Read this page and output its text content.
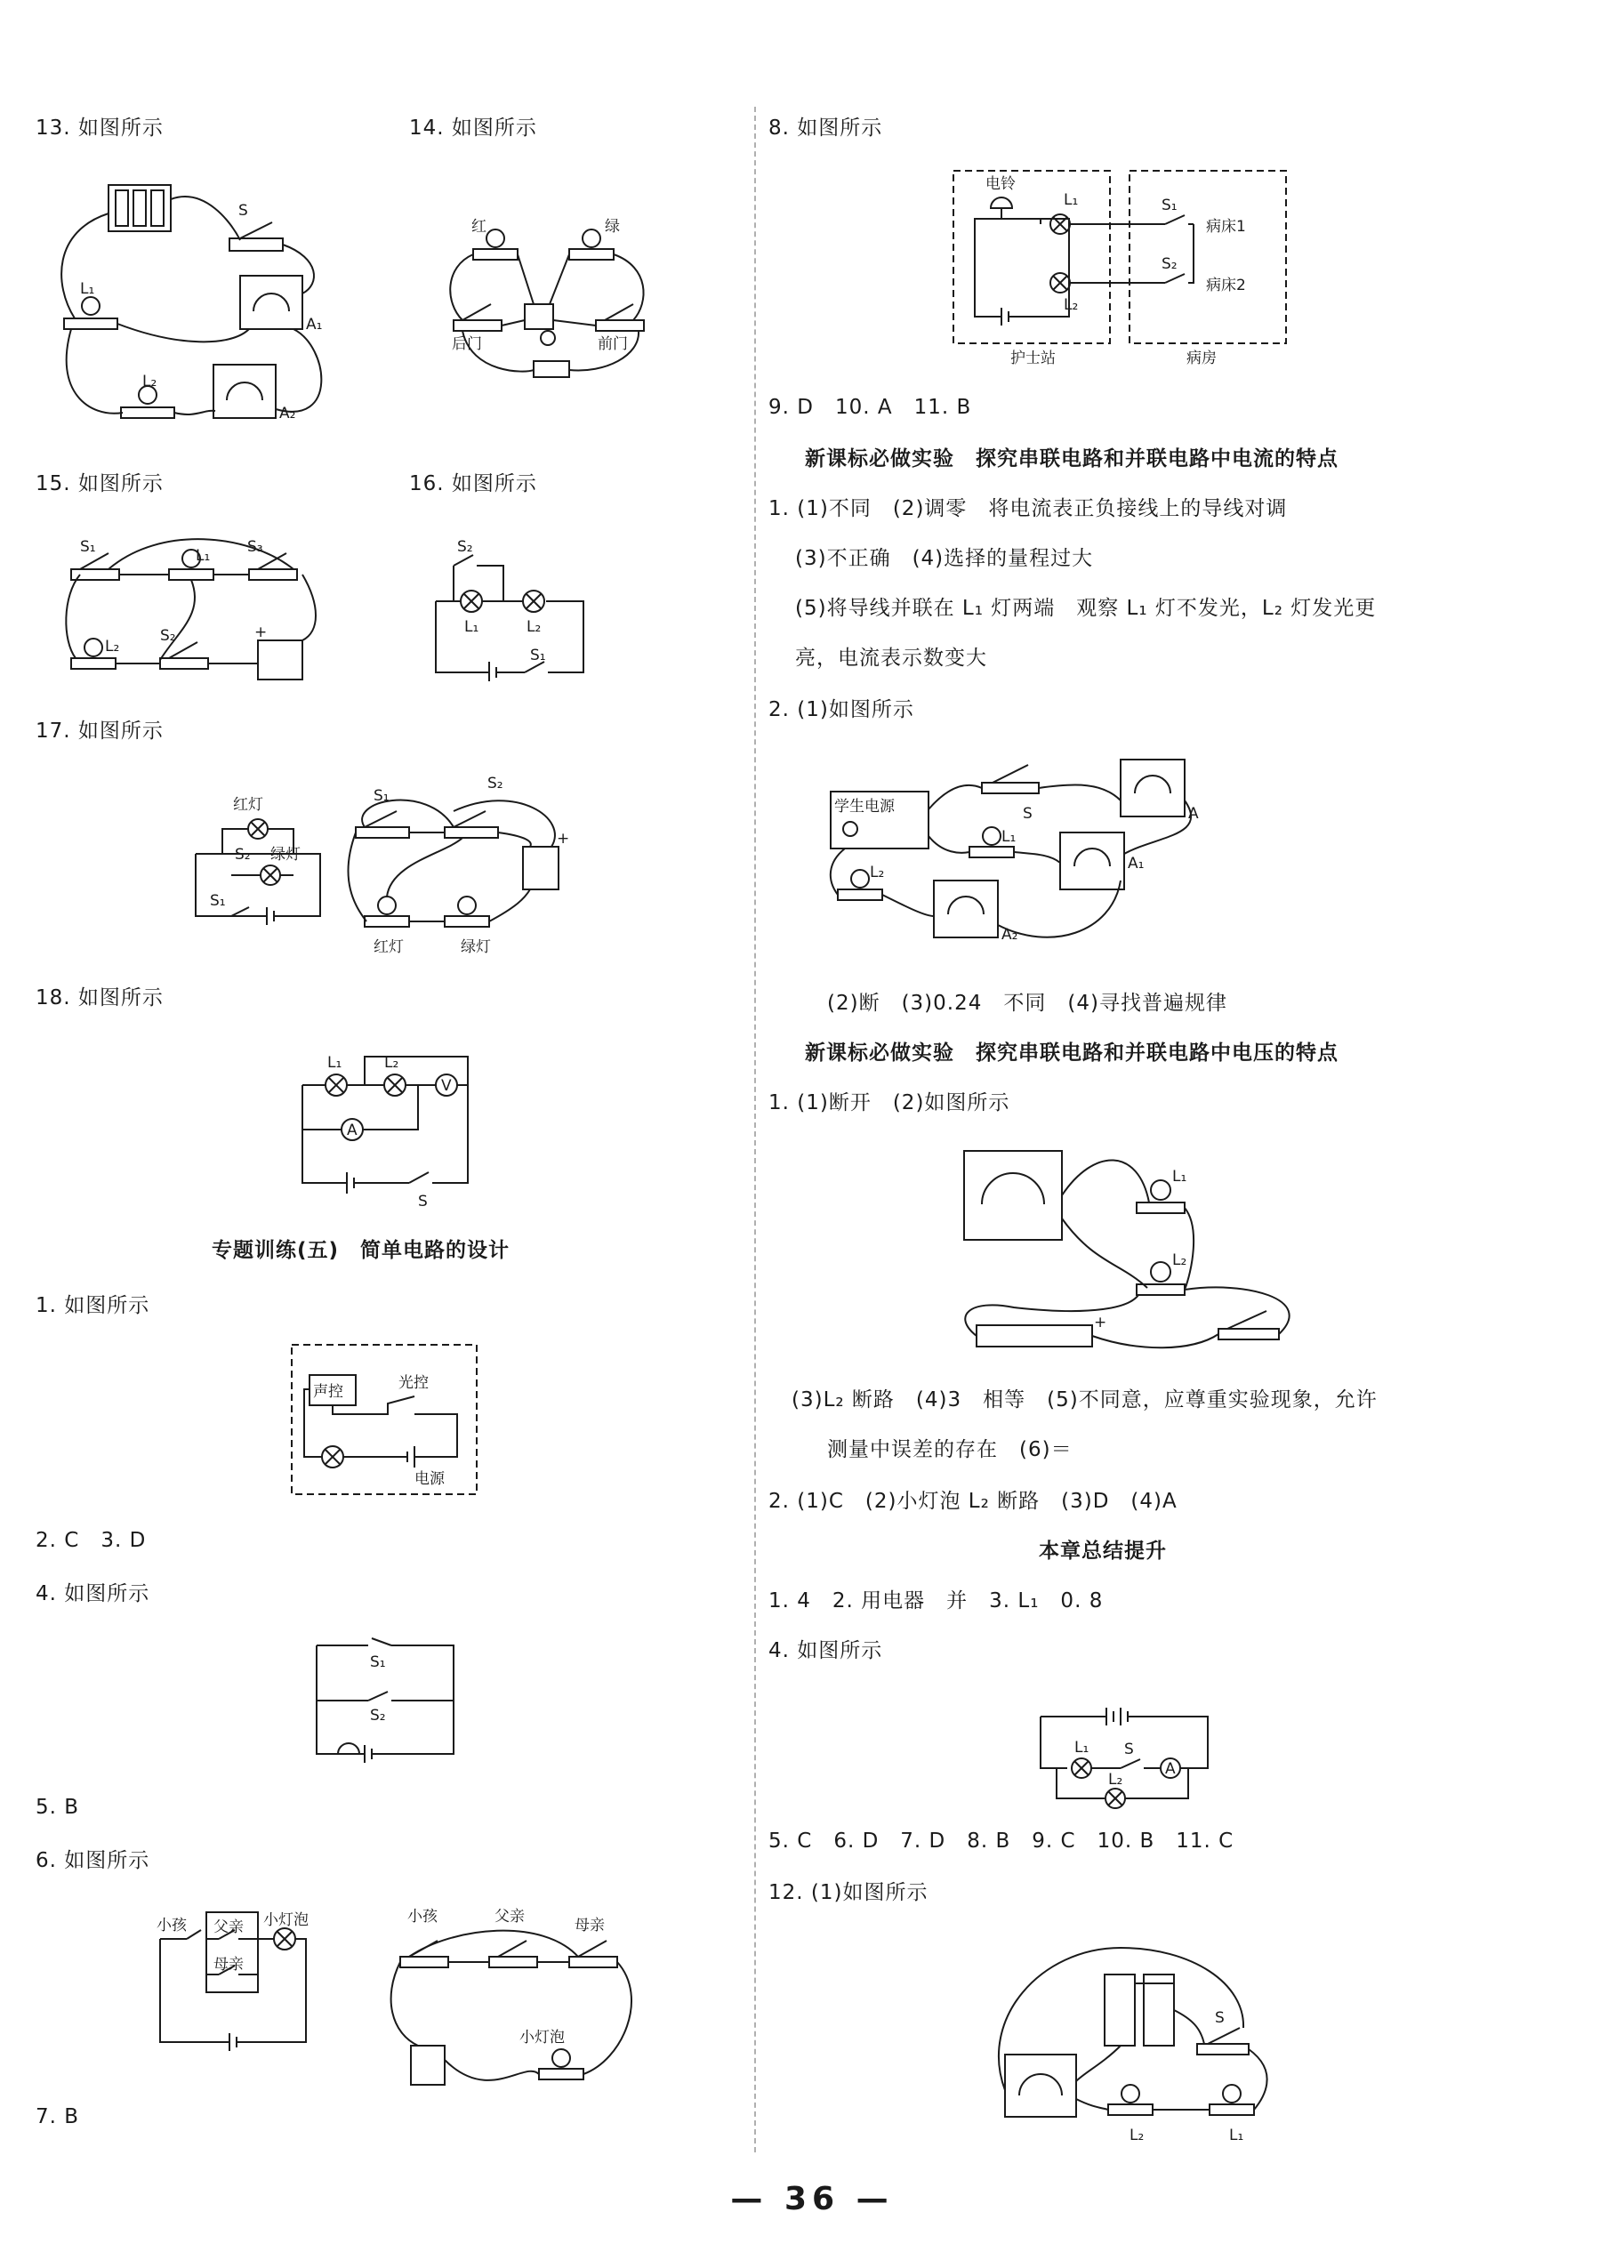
13. 如图所示	14. 如图所示
15. 如图所示	16. 如图所示
17. 如图所示
18. 如图所示
专题训练(五)　简单电路的设计
1. 如图所示
2. C　3. D
4. 如图所示
5. B
6. 如图所示
7. B
8. 如图所示
9. D　10. A　11. B
新课标必做实验　探究串联电路和并联电路中电流的特点
1. (1)不同　(2)调零　将电流表正负接线上的导线对调
(3)不正确　(4)选择的量程过大
(5)将导线并联在 L₁ 灯两端　观察 L₁ 灯不发光，L₂ 灯发光更
亮，电流表示数变大
2. (1)如图所示
(2)断　(3)0.24　不同　(4)寻找普遍规律
新课标必做实验　探究串联电路和并联电路中电压的特点
1. (1)断开　(2)如图所示
(3)L₂ 断路　(4)3　相等　(5)不同意，应尊重实验现象，允许
测量中误差的存在　(6)＝
2. (1)C　(2)小灯泡 L₂ 断路　(3)D　(4)A
本章总结提升
1. 4　2. 用电器　并　3. L₁　0. 8
4. 如图所示
5. C　6. D　7. D　8. B　9. C　10. B　11. C
12. (1)如图所示
— 36 —
S
L₁
L₂
A₁
A₂
红	绿
后门	前门
S₁	L₁ S₃
L₂
S₂	+
S₂
L₁	L₂
S₁
红灯
绿灯
S₂
S₁
S₁
S₂
红灯	绿灯
+
L₁	L₂
V
A
S
声控	光控
电源
S₁
S₂
小孩 父亲
母亲
小灯泡	小孩	父亲	母亲
小灯泡
电铃
L₁
L₂
S₁
S₂
病床1
病床2
护士站	病房
学生电源	S
L₁
L₂
A
A₁
A₂
L₁
L₂
+
L₁ S
A
L₂
S
L₂	L₁
